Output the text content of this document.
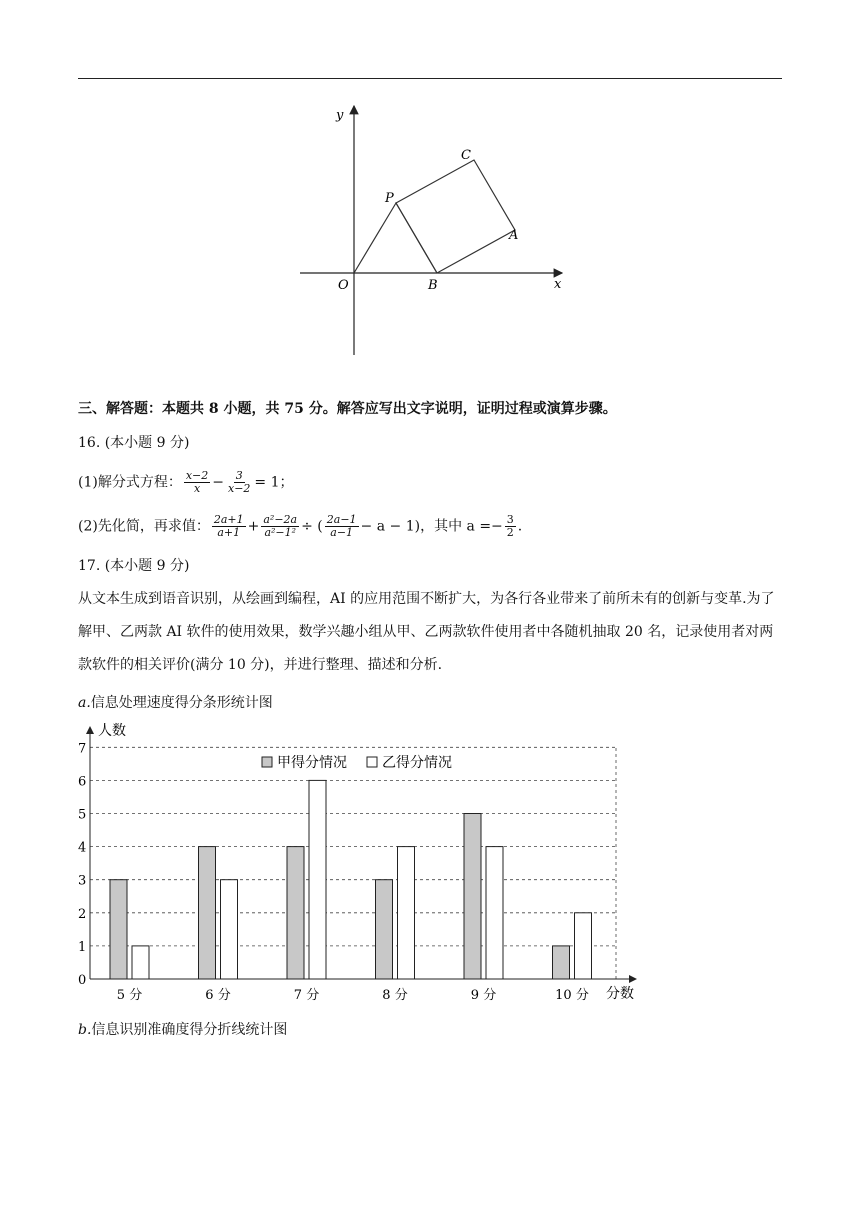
y
x
O
P
B
C
A
三、解答题：本题共 8 小题，共 75 分。解答应写出文字说明，证明过程或演算步骤。
16. (本小题 9 分)
(1)解分式方程： $\frac{x-2}{x} - \frac{3}{x-2} = 1$；
(2)先化简，再求值： $\frac{2a+1}{a+1} + \frac{\text{a²−2a}}{\text{a²−1²}}$ ÷ ( $\frac{2a-1}{a-1} - a - 1$)，其中 $a =- \frac{3}{2}$ .
17. (本小题 9 分)
从文本生成到语音识别，从绘画到编程，AI 的应用范围不断扩大，为各行各业带来了前所未有的创新与变革.为了解甲、乙两款 AI 软件的使用效果，数学兴趣小组从甲、乙两款软件使用者中各随机抽取 20 名，记录使用者对两款软件的相关评价(满分 10 分)，并进行整理、描述和分析.
a.信息处理速度得分条形统计图
0
1
2
3
4
5
6
7
5 分	6 分	7 分	8 分	9 分	10 分
甲得分情况	乙得分情况
人数
分数
b.信息识别准确度得分折线统计图
